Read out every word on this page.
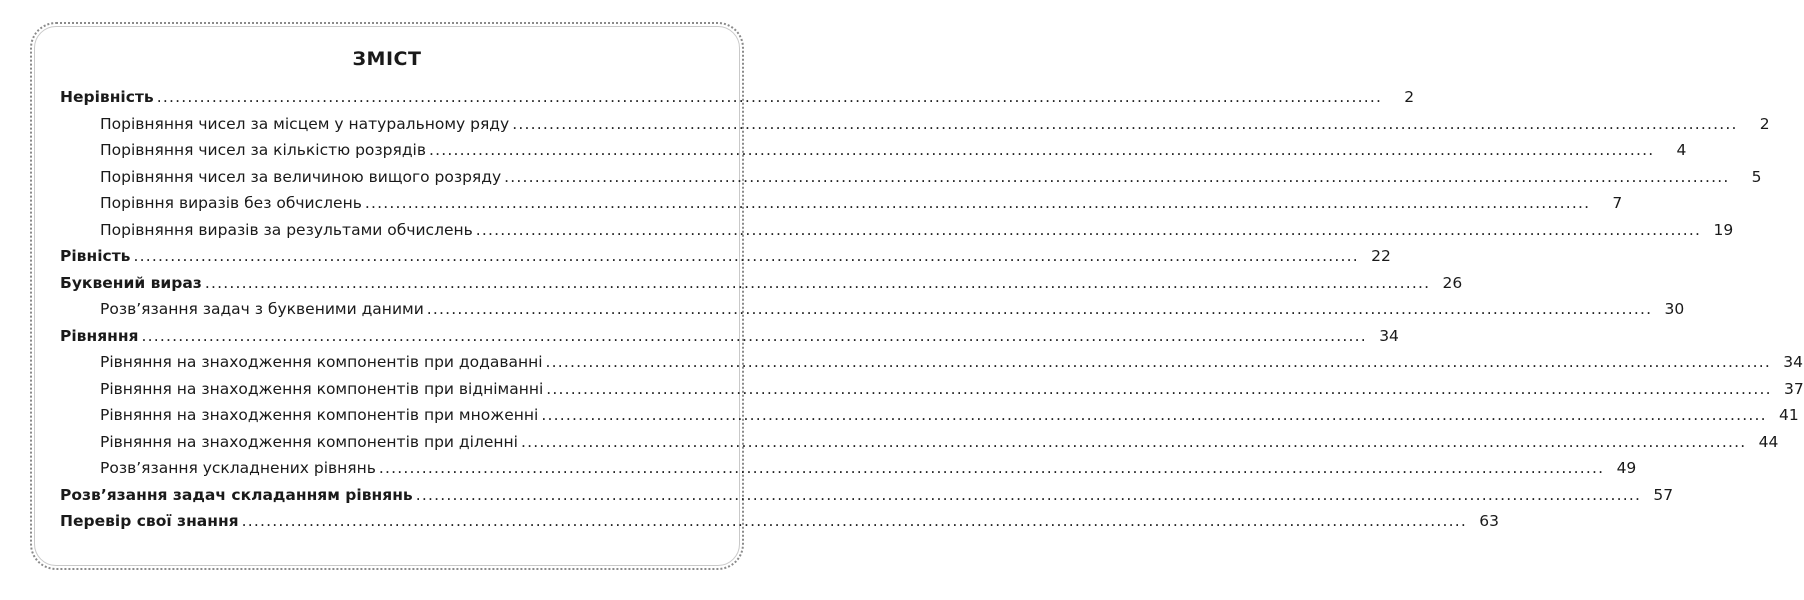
ЗМІСТ
Нерівність ........................................................................................................................................................................................................	2
Порівняння чисел за місцем у натуральному ряду ........................................................................................................................................................................................................	2
Порівняння чисел за кількістю розрядів ........................................................................................................................................................................................................	4
Порівняння чисел за величиною вищого розряду ........................................................................................................................................................................................................	5
Порівння виразів без обчислень ........................................................................................................................................................................................................	7
Порівняння виразів за результами обчислень ........................................................................................................................................................................................................ 19
Рівність ........................................................................................................................................................................................................ 22
Буквений вираз ........................................................................................................................................................................................................ 26
Розв’язання задач з буквеними даними ........................................................................................................................................................................................................ 30
Рівняння ........................................................................................................................................................................................................ 34
Рівняння на знаходження компонентів при додаванні ........................................................................................................................................................................................................ 34
Рівняння на знаходження компонентів при відніманні ........................................................................................................................................................................................................ 37
Рівняння на знаходження компонентів при множенні ........................................................................................................................................................................................................ 41
Рівняння на знаходження компонентів при діленні ........................................................................................................................................................................................................ 44
Розв’язання ускладнених рівнянь ........................................................................................................................................................................................................ 49
Розв’язання задач складанням рівнянь ........................................................................................................................................................................................................ 57
Перевір свої знання ........................................................................................................................................................................................................ 63
